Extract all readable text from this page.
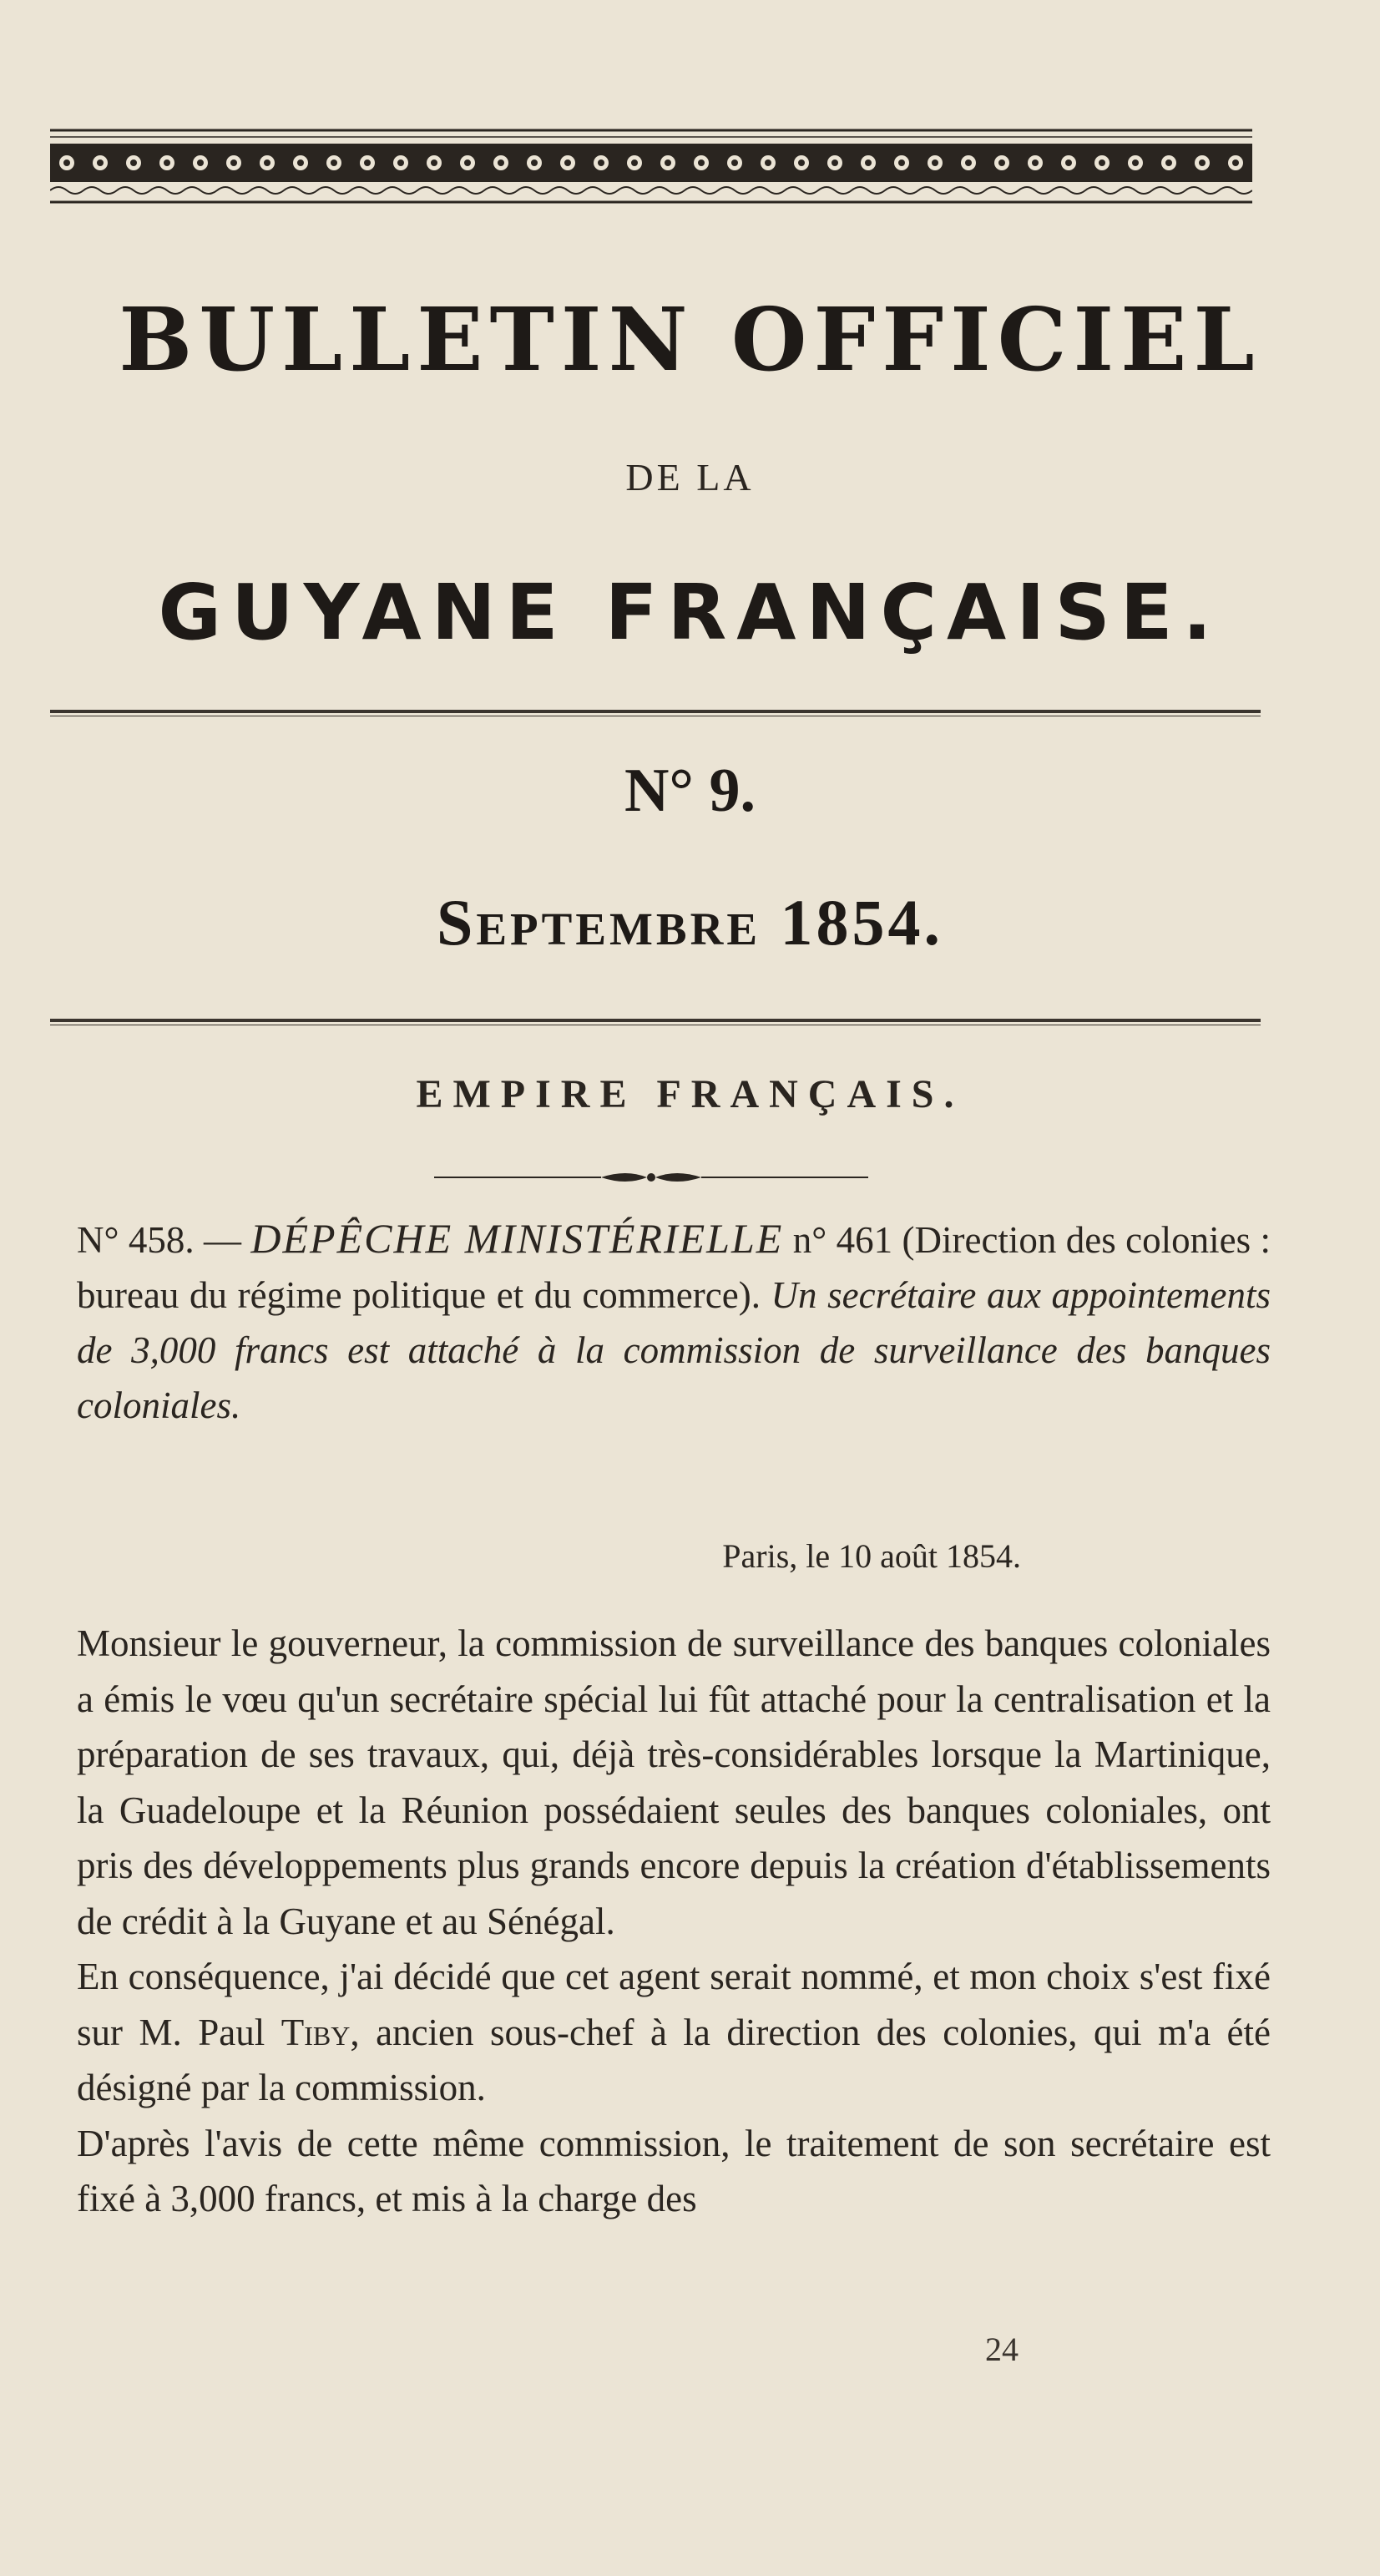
BULLETIN OFFICIEL
DE LA
GUYANE FRANÇAISE.
N° 9.
Septembre 1854.
EMPIRE FRANÇAIS.
N° 458. — DÉPÊCHE MINISTÉRIELLE n° 461 (Direction des colonies : bureau du régime politique et du commerce). Un secrétaire aux appointements de 3,000 francs est attaché à la commission de surveillance des banques coloniales.
Paris, le 10 août 1854.

Monsieur le gouverneur, la commission de surveillance des banques coloniales a émis le vœu qu'un secrétaire spécial lui fût attaché pour la centralisation et la préparation de ses travaux, qui, déjà très-considérables lorsque la Martinique, la Guadeloupe et la Réunion possédaient seules des banques coloniales, ont pris des développements plus grands encore depuis la création d'établissements de crédit à la Guyane et au Sénégal.

En conséquence, j'ai décidé que cet agent serait nommé, et mon choix s'est fixé sur M. Paul Tiby, ancien sous-chef à la direction des colonies, qui m'a été désigné par la commission.

D'après l'avis de cette même commission, le traitement de son secrétaire est fixé à 3,000 francs, et mis à la charge des

24
